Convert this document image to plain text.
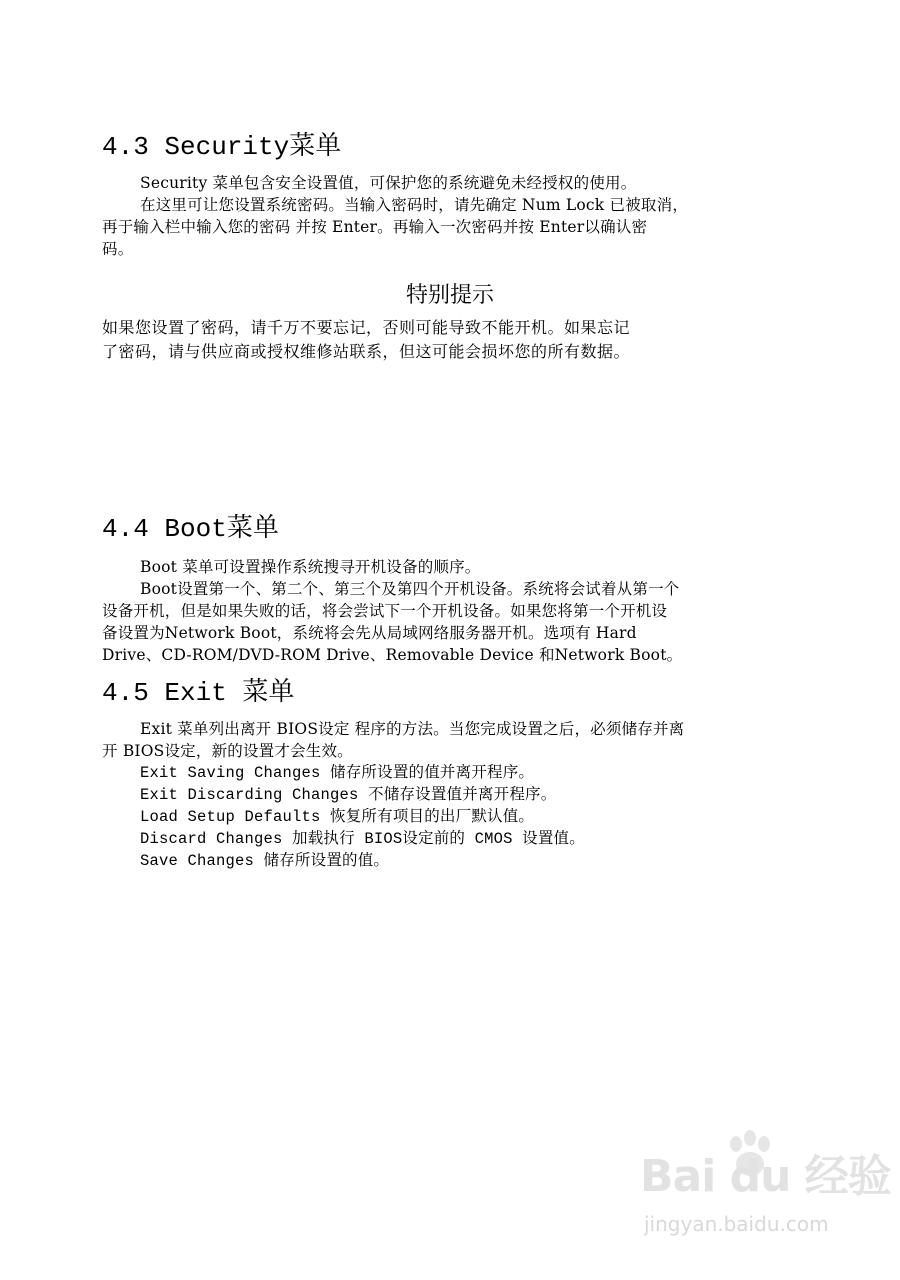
4.3 Security菜单

Security 菜单包含安全设置值，可保护您的系统避免未经授权的使用。

在这里可让您设置系统密码。当输入密码时，请先确定 Num Lock 已被取消，

再于输入栏中输入您的密码 并按 Enter。再输入一次密码并按 Enter以确认密

码。

特别提示
如果您设置了密码，请千万不要忘记，否则可能导致不能开机。如果忘记
了密码，请与供应商或授权维修站联系，但这可能会损坏您的所有数据。
4.4 Boot菜单

Boot 菜单可设置操作系统搜寻开机设备的顺序。

Boot设置第一个、第二个、第三个及第四个开机设备。系统将会试着从第一个

设备开机，但是如果失败的话，将会尝试下一个开机设备。如果您将第一个开机设

备设置为Network Boot，系统将会先从局域网络服务器开机。选项有 Hard

Drive、CD-ROM/DVD-ROM Drive、Removable Device 和Network Boot。

4.5 Exit 菜单

Exit 菜单列出离开 BIOS设定 程序的方法。当您完成设置之后，必须储存并离

开 BIOS设定，新的设置才会生效。

Exit Saving Changes 储存所设置的值并离开程序。

Exit Discarding Changes 不储存设置值并离开程序。

Load Setup Defaults 恢复所有项目的出厂默认值。

Discard Changes 加载执行 BIOS设定前的 CMOS 设置值。

Save Changes 储存所设置的值。

Bai du 经验
jingyan.baidu.com
